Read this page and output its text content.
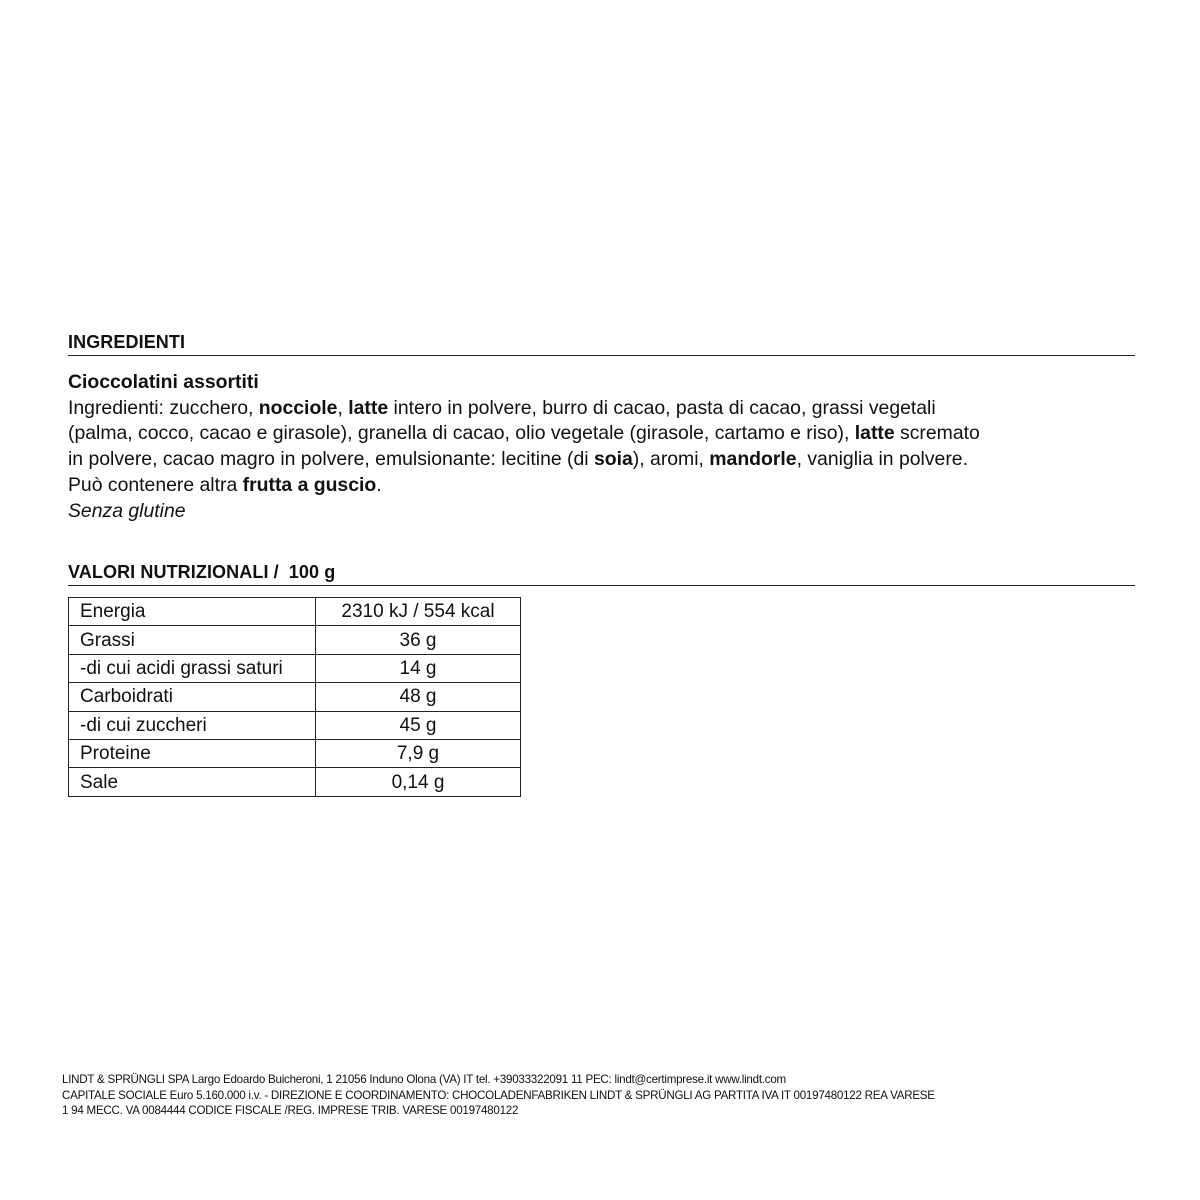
INGREDIENTI

Cioccolatini assortiti

Ingredienti: zucchero, nocciole, latte intero in polvere, burro di cacao, pasta di cacao, grassi vegetali

(palma, cocco, cacao e girasole), granella di cacao, olio vegetale (girasole, cartamo e riso), latte scremato

in polvere, cacao magro in polvere, emulsionante: lecitine (di soia), aromi, mandorle, vaniglia in polvere.

Può contenere altra frutta a guscio.

Senza glutine

VALORI NUTRIZIONALI / 100 g
Energia	2310 kJ / 554 kcal
Grassi	36 g
-di cui acidi grassi saturi	14 g
Carboidrati	48 g
-di cui zuccheri	45 g
Proteine	7,9 g
Sale	0,14 g
LINDT & SPRÜNGLI SPA Largo Edoardo Buicheroni, 1 21056 Induno Olona (VA) IT tel. +39033322091 11 PEC: lindt@certimprese.it www.lindt.com
CAPITALE SOCIALE Euro 5.160.000 i.v. - DIREZIONE E COORDINAMENTO: CHOCOLADENFABRIKEN LINDT & SPRÜNGLI AG PARTITA IVA IT 00197480122 REA VARESE
1 94 MECC. VA 0084444 CODICE FISCALE /REG. IMPRESE TRIB. VARESE 00197480122
